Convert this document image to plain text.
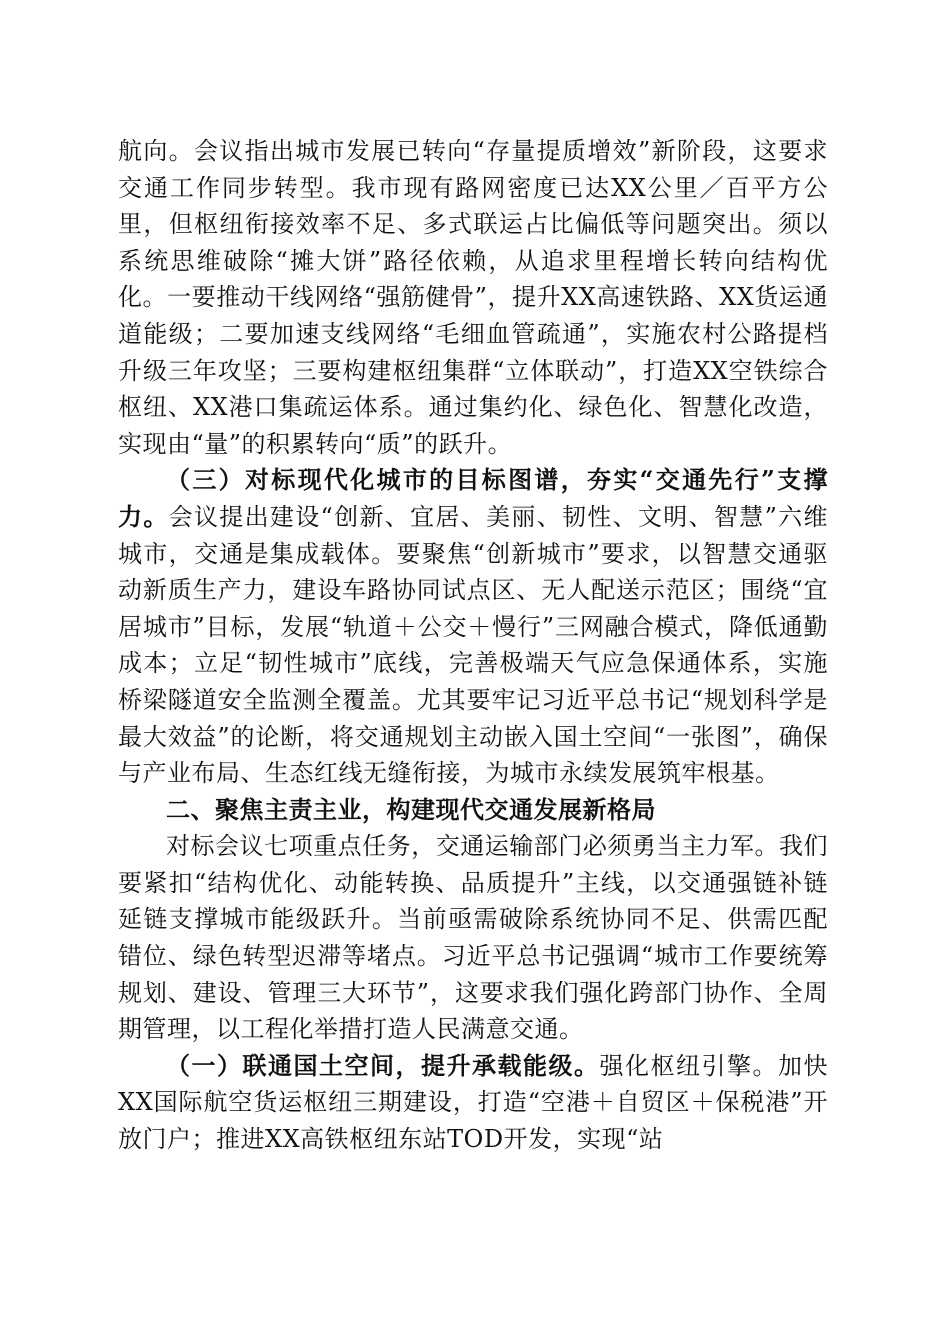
航向。会议指出城市发展已转向“存量提质增效”新阶段，这要求交通工作同步转型。我市现有路网密度已达XX公里／百平方公里，但枢纽衔接效率不足、多式联运占比偏低等问题突出。须以系统思维破除“摊大饼”路径依赖，从追求里程增长转向结构优化。一要推动干线网络“强筋健骨”，提升XX高速铁路、XX货运通道能级；二要加速支线网络“毛细血管疏通”，实施农村公路提档升级三年攻坚；三要构建枢纽集群“立体联动”，打造XX空铁综合枢纽、XX港口集疏运体系。通过集约化、绿色化、智慧化改造，实现由“量”的积累转向“质”的跃升。

（三）对标现代化城市的目标图谱，夯实“交通先行”支撑力。会议提出建设“创新、宜居、美丽、韧性、文明、智慧”六维城市，交通是集成载体。要聚焦“创新城市”要求，以智慧交通驱动新质生产力，建设车路协同试点区、无人配送示范区；围绕“宜居城市”目标，发展“轨道＋公交＋慢行”三网融合模式，降低通勤成本；立足“韧性城市”底线，完善极端天气应急保通体系，实施桥梁隧道安全监测全覆盖。尤其要牢记习近平总书记“规划科学是最大效益”的论断，将交通规划主动嵌入国土空间“一张图”，确保与产业布局、生态红线无缝衔接，为城市永续发展筑牢根基。

二、聚焦主责主业，构建现代交通发展新格局

对标会议七项重点任务，交通运输部门必须勇当主力军。我们要紧扣“结构优化、动能转换、品质提升”主线，以交通强链补链延链支撑城市能级跃升。当前亟需破除系统协同不足、供需匹配错位、绿色转型迟滞等堵点。习近平总书记强调“城市工作要统筹规划、建设、管理三大环节”，这要求我们强化跨部门协作、全周期管理，以工程化举措打造人民满意交通。

（一）联通国土空间，提升承载能级。强化枢纽引擎。加快XX国际航空货运枢纽三期建设，打造“空港＋自贸区＋保税港”开放门户；推进XX高铁枢纽东站TOD开发，实现“站
